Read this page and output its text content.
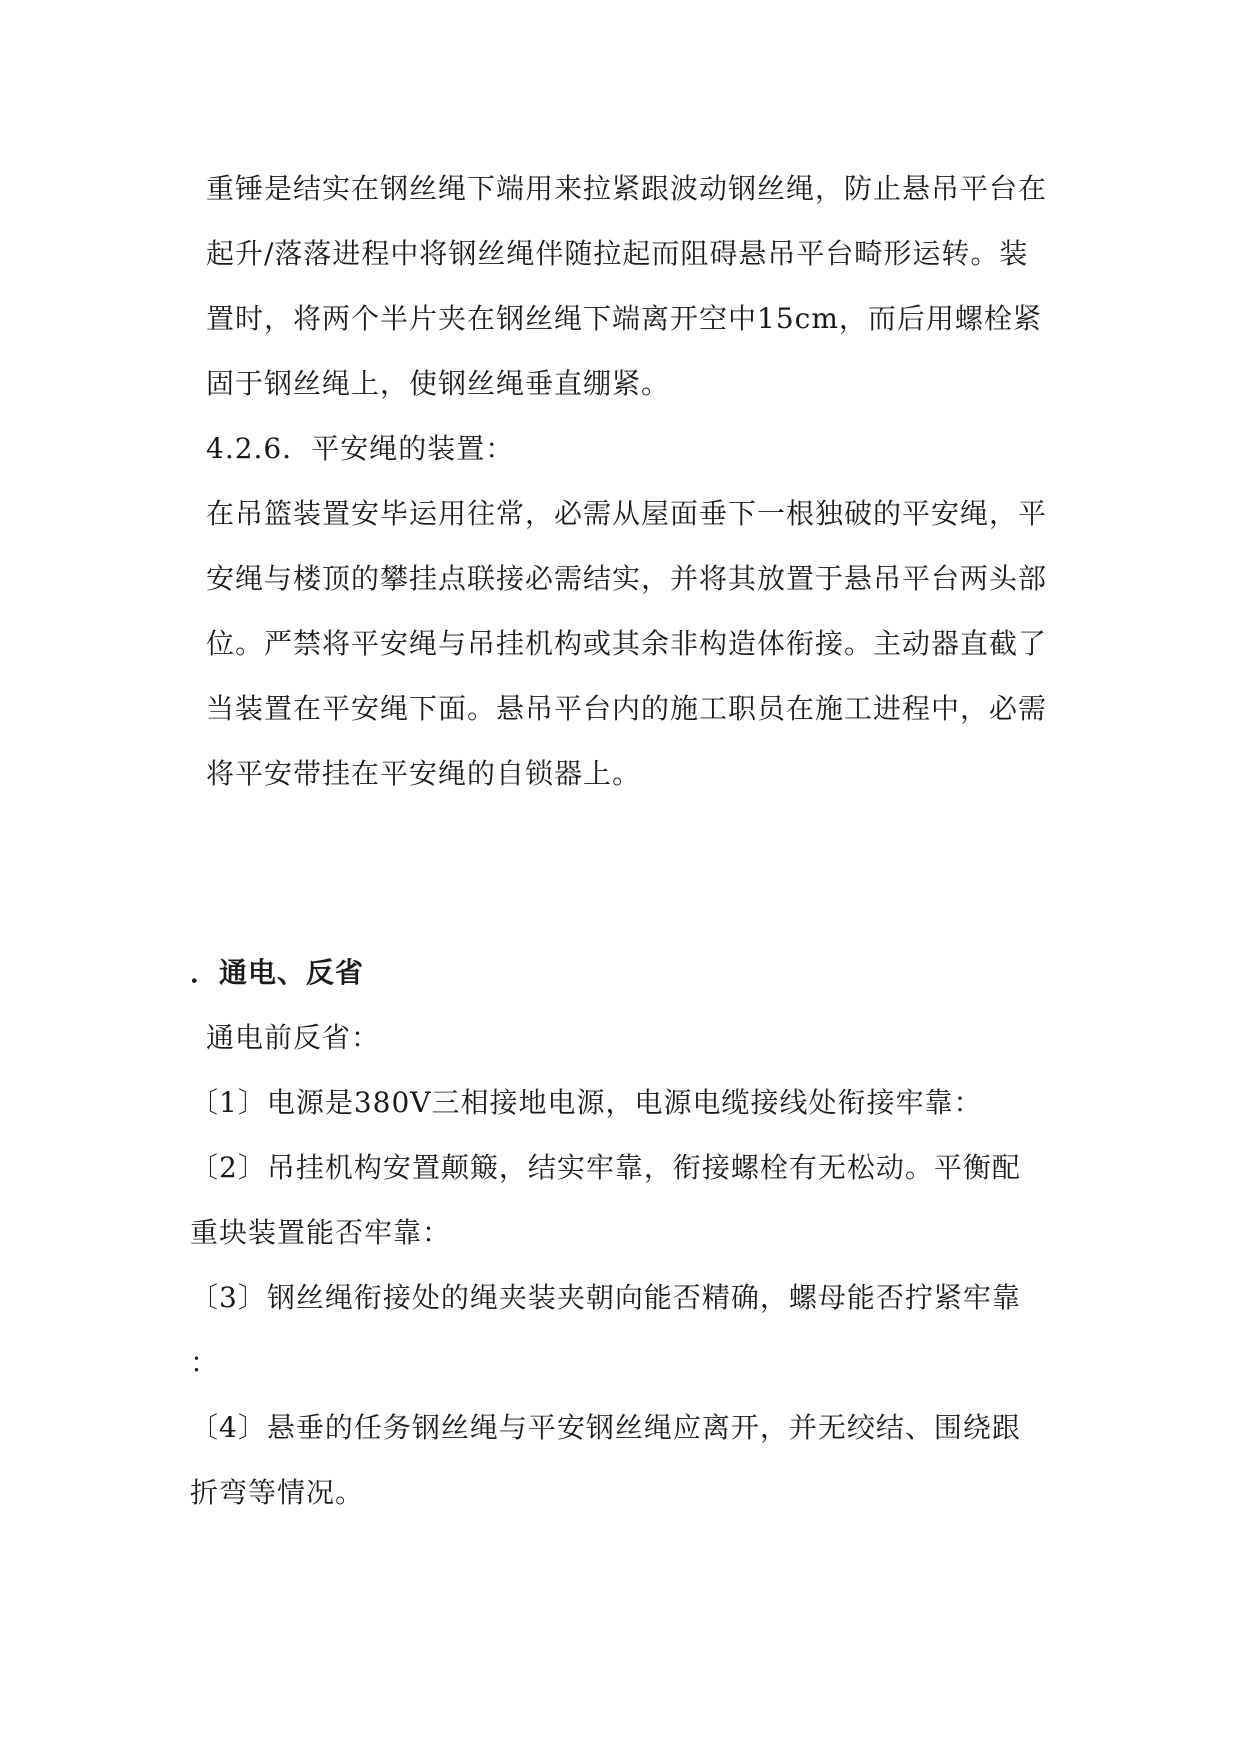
重锤是结实在钢丝绳下端用来拉紧跟波动钢丝绳，防止悬吊平台在
起升/落落进程中将钢丝绳伴随拉起而阻碍悬吊平台畸形运转。装
置时，将两个半片夹在钢丝绳下端离开空中15cm，而后用螺栓紧
固于钢丝绳上，使钢丝绳垂直绷紧。
4.2.6．平安绳的装置：
在吊篮装置安毕运用往常，必需从屋面垂下一根独破的平安绳，平
安绳与楼顶的攀挂点联接必需结实，并将其放置于悬吊平台两头部
位。严禁将平安绳与吊挂机构或其余非构造体衔接。主动器直截了
当装置在平安绳下面。悬吊平台内的施工职员在施工进程中，必需
将平安带挂在平安绳的自锁器上。
．通电、反省
通电前反省：
〔1〕电源是380V三相接地电源，电源电缆接线处衔接牢靠：
〔2〕吊挂机构安置颠簸，结实牢靠，衔接螺栓有无松动。平衡配
重块装置能否牢靠：
〔3〕钢丝绳衔接处的绳夹装夹朝向能否精确，螺母能否拧紧牢靠
：
〔4〕悬垂的任务钢丝绳与平安钢丝绳应离开，并无绞结、围绕跟
折弯等情况。
